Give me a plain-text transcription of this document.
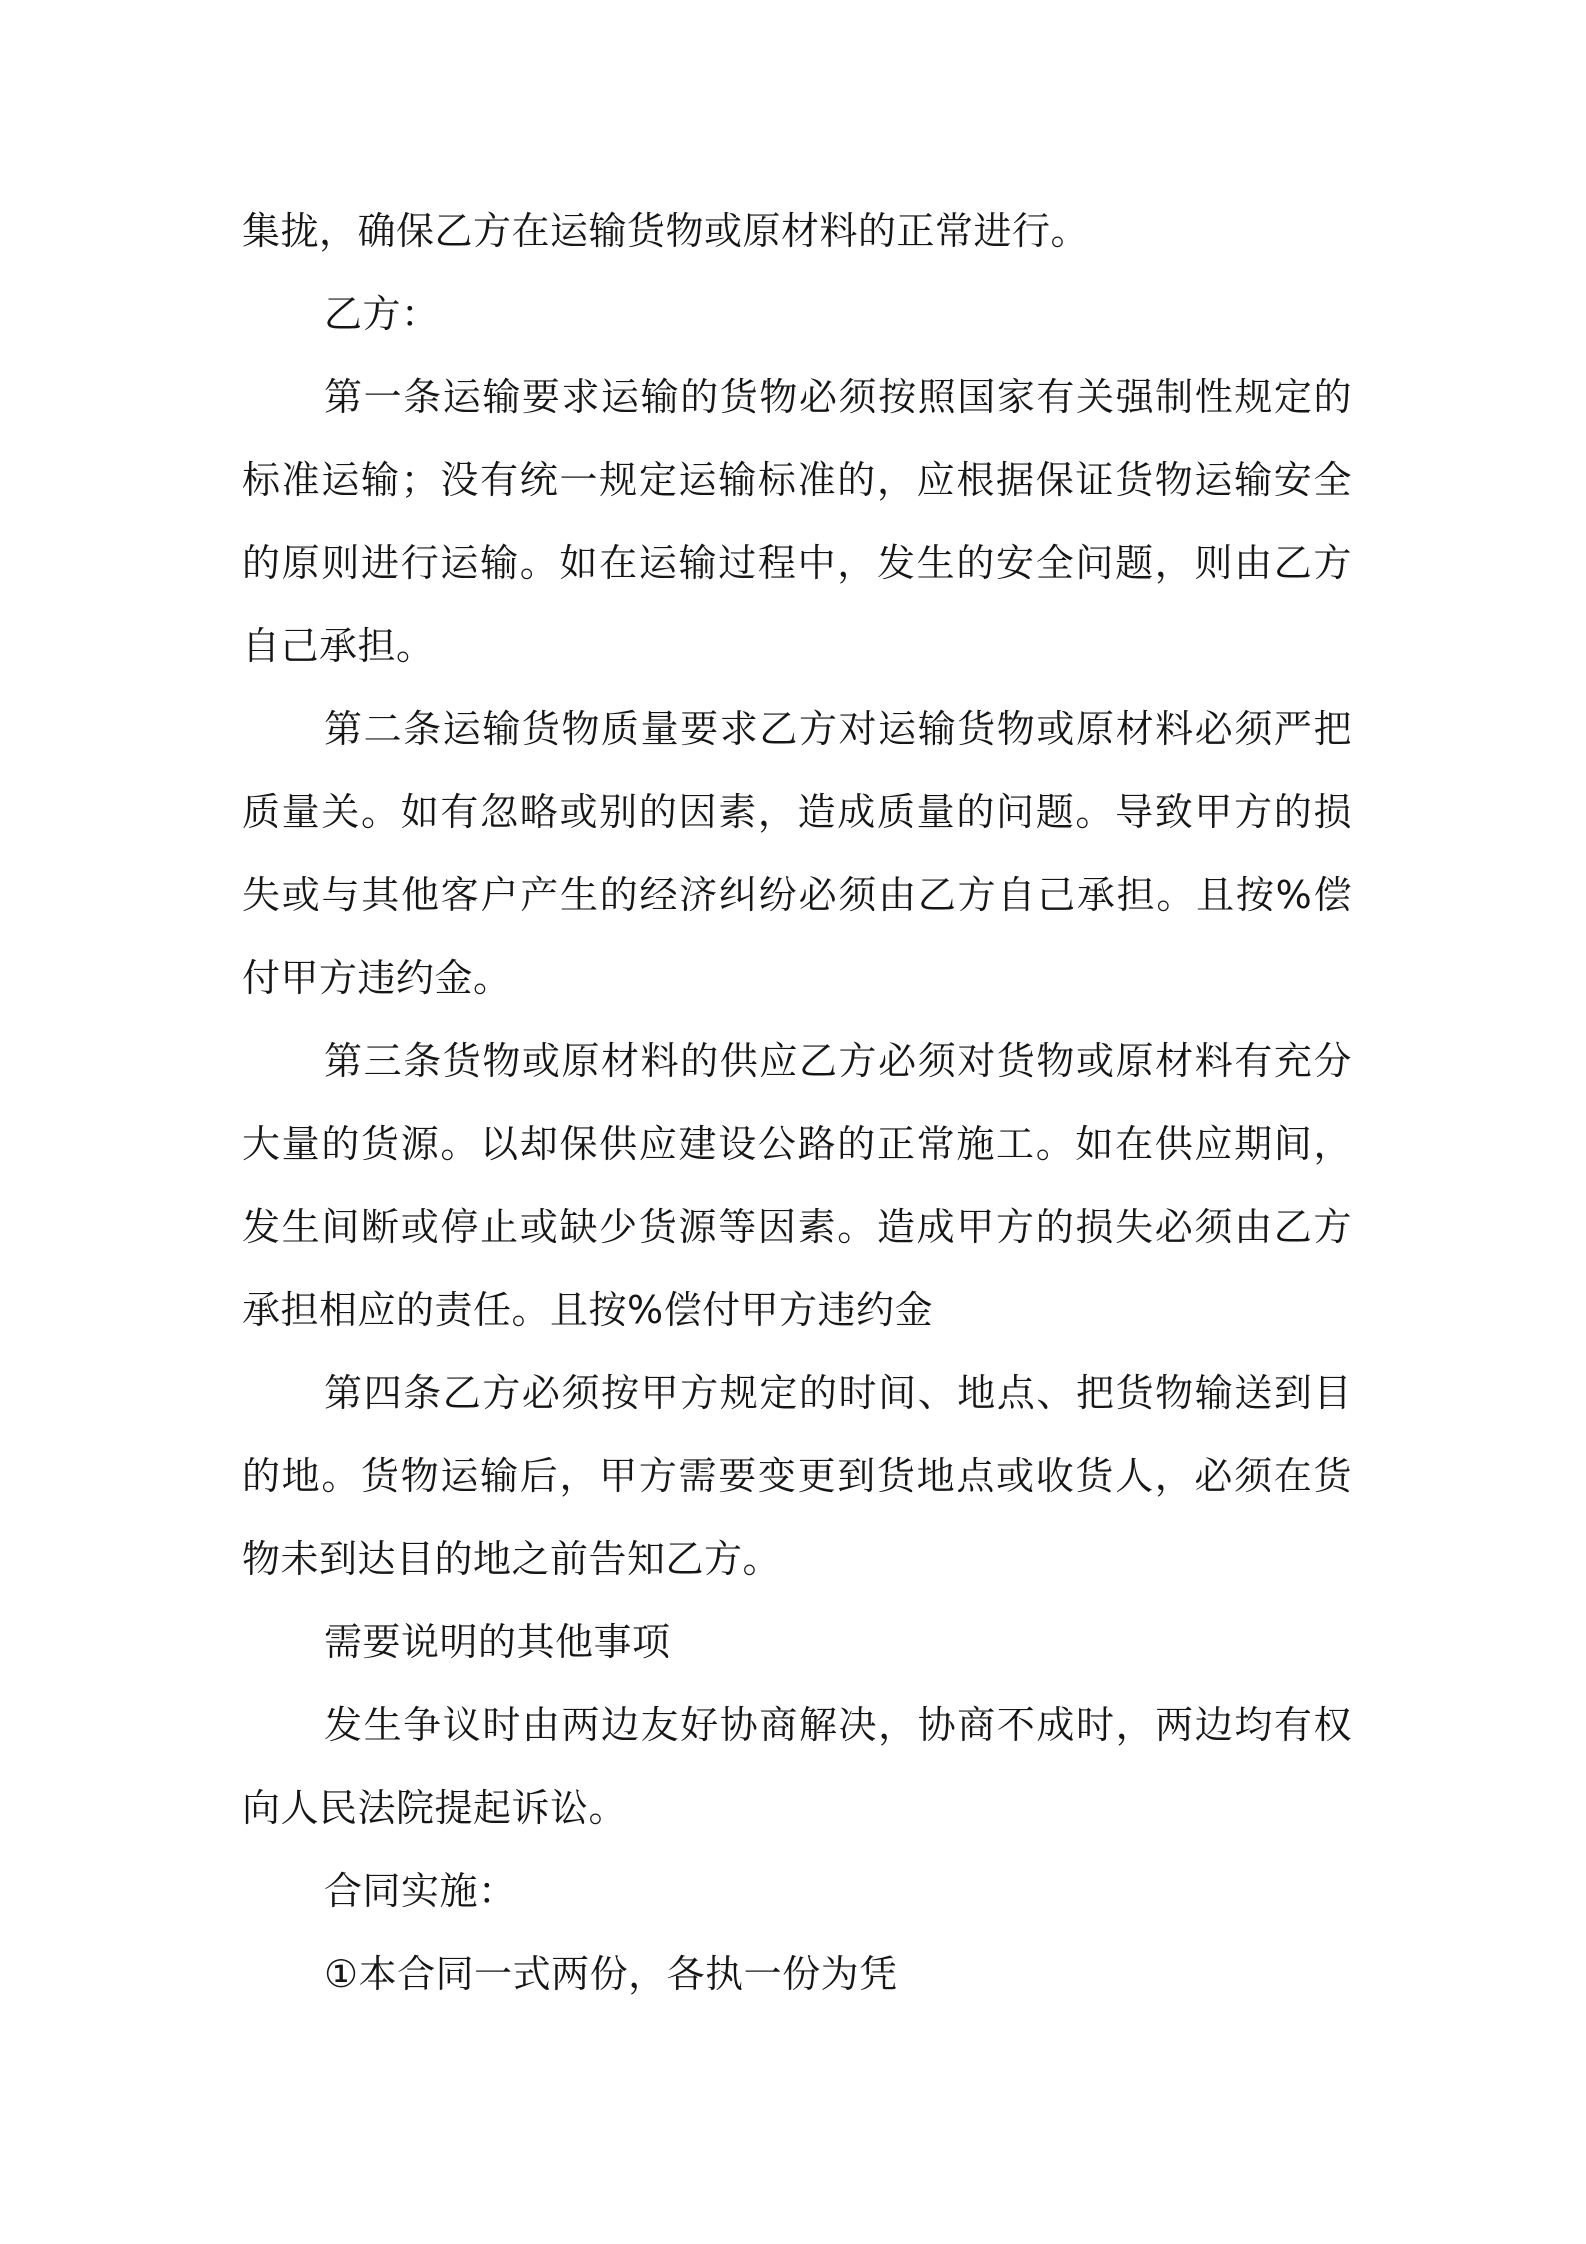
集拢，确保乙方在运输货物或原材料的正常进行。

乙方：

第一条运输要求运输的货物必须按照国家有关强制性规定的标准运输；没有统一规定运输标准的，应根据保证货物运输安全的原则进行运输。如在运输过程中，发生的安全问题，则由乙方自己承担。

第二条运输货物质量要求乙方对运输货物或原材料必须严把质量关。如有忽略或别的因素，造成质量的问题。导致甲方的损失或与其他客户产生的经济纠纷必须由乙方自己承担。且按%偿付甲方违约金。

第三条货物或原材料的供应乙方必须对货物或原材料有充分大量的货源。以却保供应建设公路的正常施工。如在供应期间，发生间断或停止或缺少货源等因素。造成甲方的损失必须由乙方承担相应的责任。且按%偿付甲方违约金

第四条乙方必须按甲方规定的时间、地点、把货物输送到目的地。货物运输后，甲方需要变更到货地点或收货人，必须在货物未到达目的地之前告知乙方。

需要说明的其他事项

发生争议时由两边友好协商解决，协商不成时，两边均有权向人民法院提起诉讼。

合同实施：

①本合同一式两份，各执一份为凭
